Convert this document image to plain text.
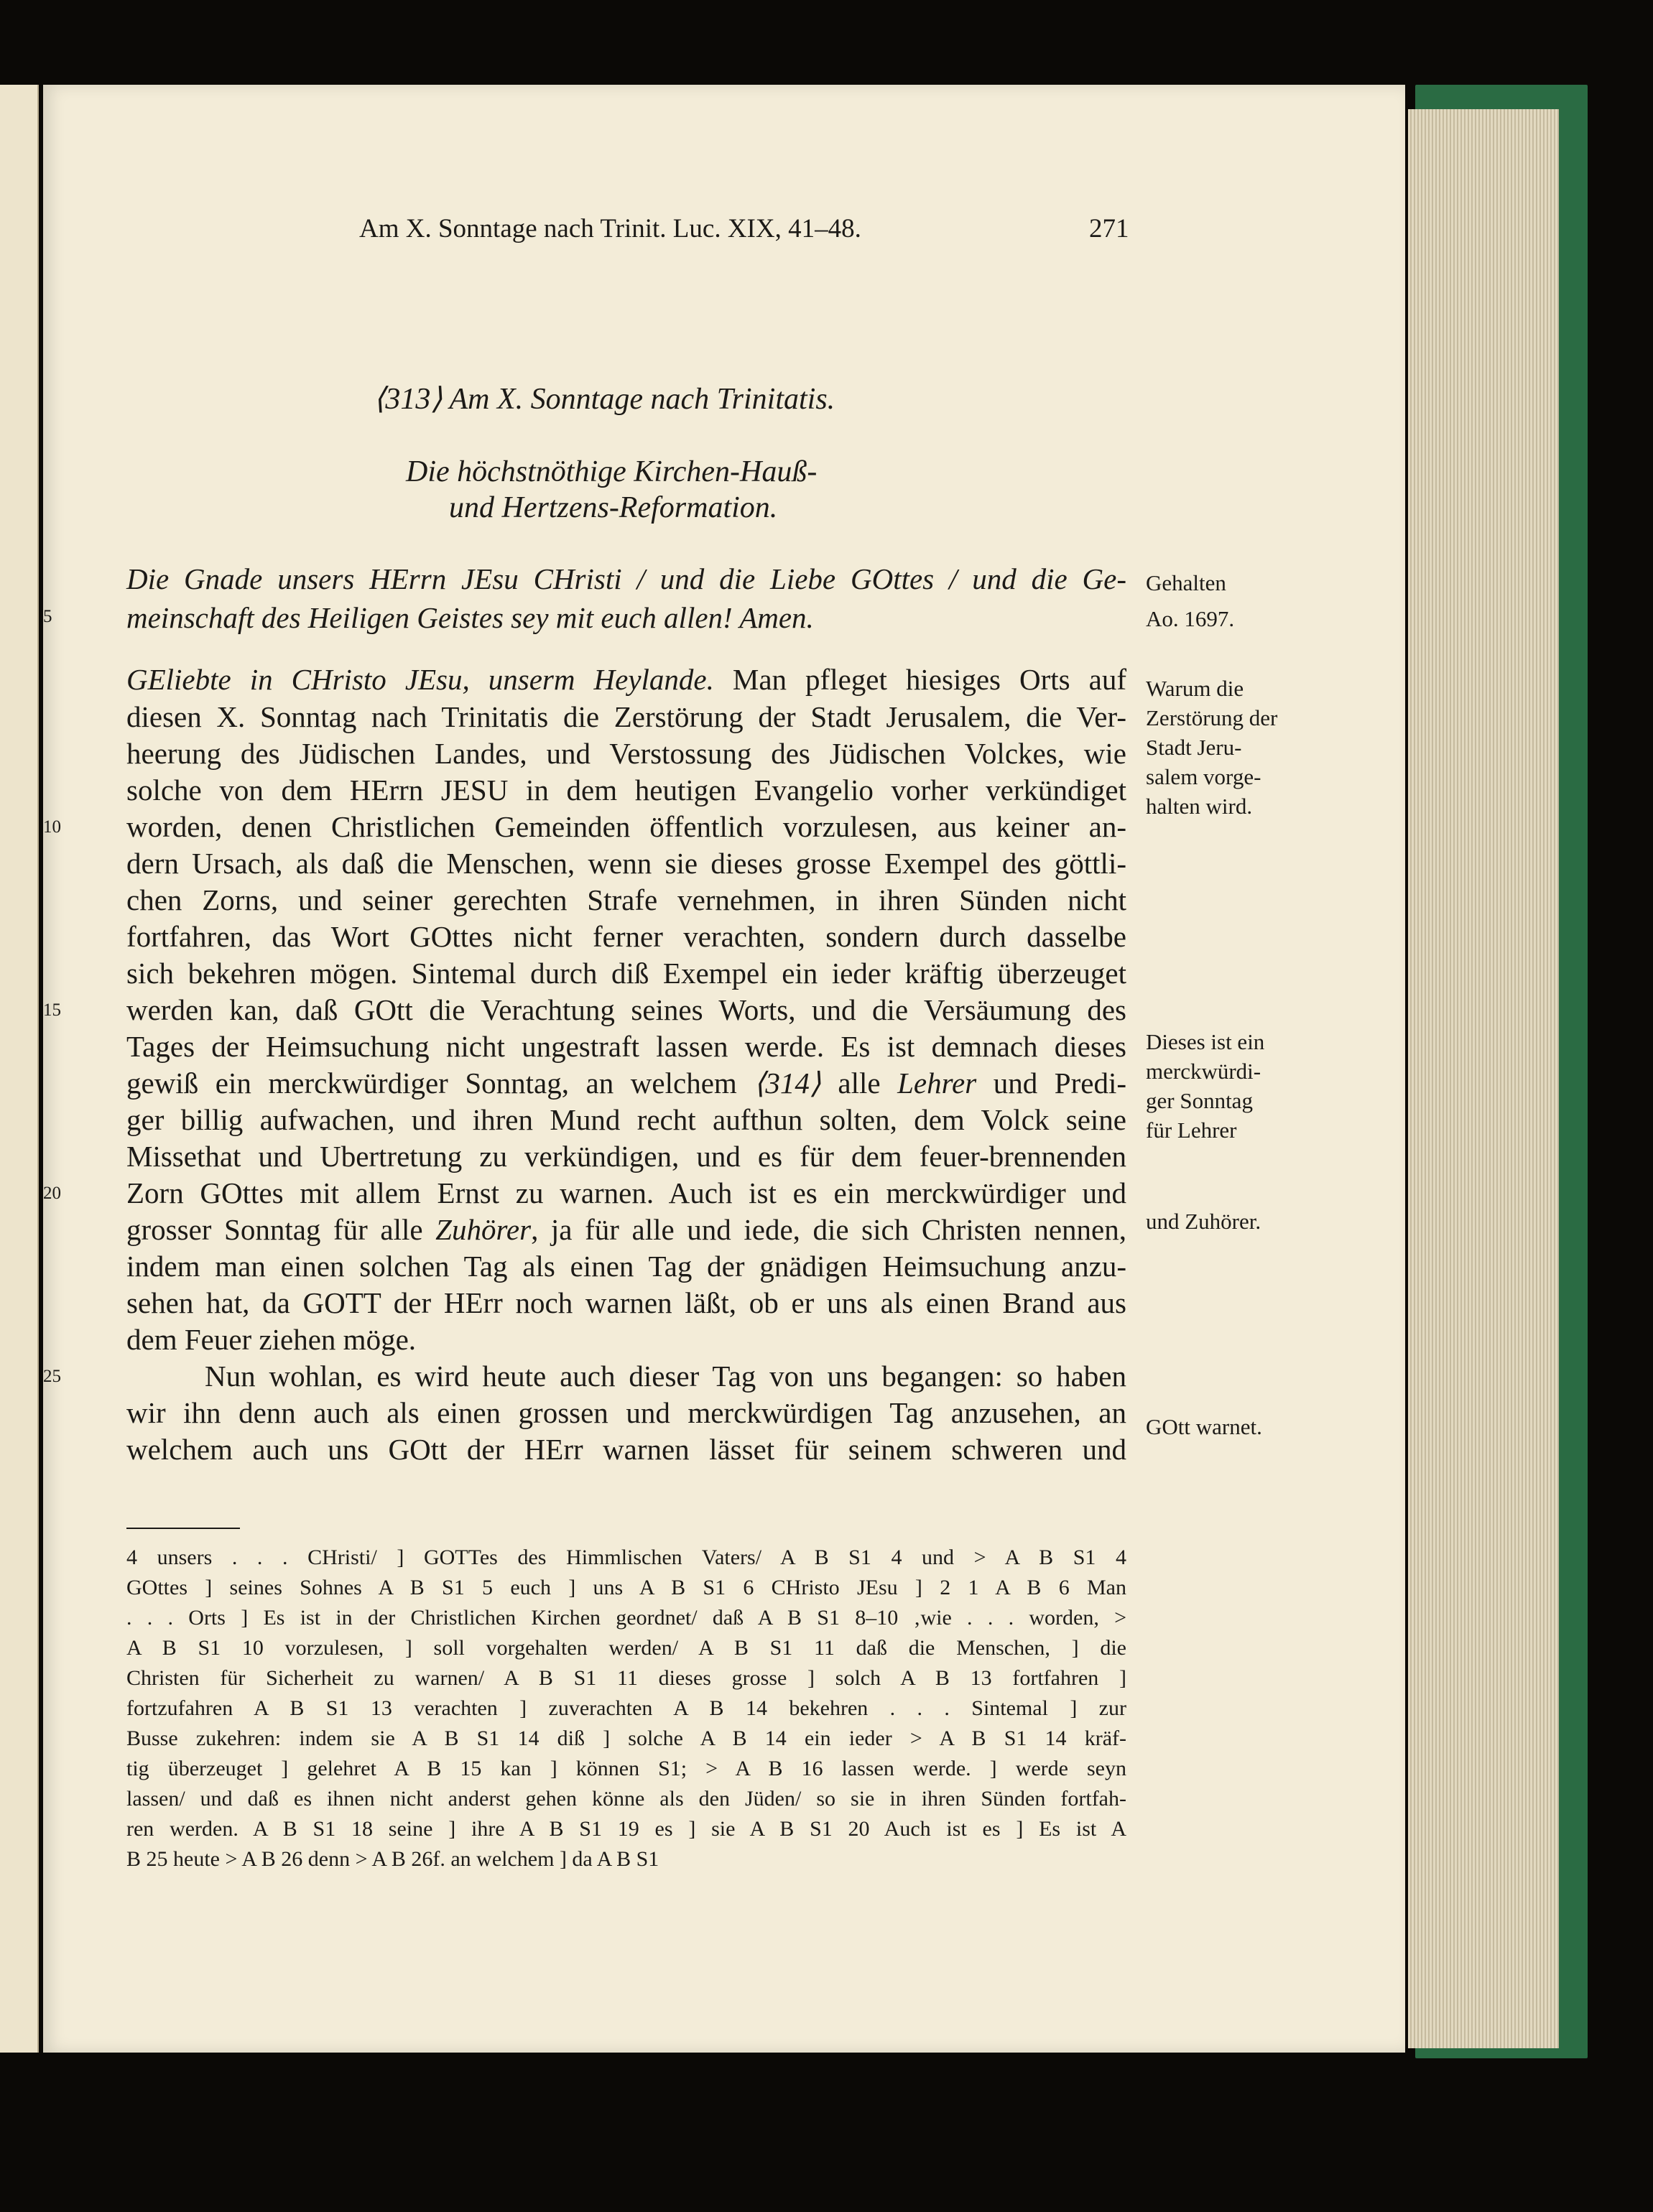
Am X. Sonntage nach Trinit. Luc. XIX, 41–48.	271
⟨313⟩ Am X. Sonntage nach Trinitatis.
Die höchstnöthige Kirchen-Hauß-
und Hertzens-Reformation.
Die Gnade unsers HErrn JEsu CHristi / und die Liebe GOttes / und die Ge-
meinschaft des Heiligen Geistes sey mit euch allen! Amen.
GEliebte in CHristo JEsu, unserm Heylande. Man pfleget hiesiges Orts auf
diesen X. Sonntag nach Trinitatis die Zerstörung der Stadt Jerusalem, die Ver-
heerung des Jüdischen Landes, und Verstossung des Jüdischen Volckes, wie
solche von dem HErrn JESU in dem heutigen Evangelio vorher verkündiget
worden, denen Christlichen Gemeinden öffentlich vorzulesen, aus keiner an-
dern Ursach, als daß die Menschen, wenn sie dieses grosse Exempel des göttli-
chen Zorns, und seiner gerechten Strafe vernehmen, in ihren Sünden nicht
fortfahren, das Wort GOttes nicht ferner verachten, sondern durch dasselbe
sich bekehren mögen. Sintemal durch diß Exempel ein ieder kräftig überzeuget
werden kan, daß GOtt die Verachtung seines Worts, und die Versäumung des
Tages der Heimsuchung nicht ungestraft lassen werde. Es ist demnach dieses
gewiß ein merckwürdiger Sonntag, an welchem ⟨314⟩ alle Lehrer und Predi-
ger billig aufwachen, und ihren Mund recht aufthun solten, dem Volck seine
Missethat und Ubertretung zu verkündigen, und es für dem feuer-brennenden
Zorn GOttes mit allem Ernst zu warnen. Auch ist es ein merckwürdiger und
grosser Sonntag für alle Zuhörer, ja für alle und iede, die sich Christen nennen,
indem man einen solchen Tag als einen Tag der gnädigen Heimsuchung anzu-
sehen hat, da GOTT der HErr noch warnen läßt, ob er uns als einen Brand aus
dem Feuer ziehen möge.
Nun wohlan, es wird heute auch dieser Tag von uns begangen: so haben
wir ihn denn auch als einen grossen und merckwürdigen Tag anzusehen, an
welchem auch uns GOtt der HErr warnen lässet für seinem schweren und
5
10
15
20
25
Gehalten
Ao. 1697.
Warum die
Zerstörung der
Stadt Jeru-
salem vorge-
halten wird.
Dieses ist ein
merckwürdi-
ger Sonntag
für Lehrer
und Zuhörer.
GOtt warnet.
4 unsers . . . CHristi/ ] GOTTes des Himmlischen Vaters/ A B S1 4 und > A B S1 4
GOttes ] seines Sohnes A B S1 5 euch ] uns A B S1 6 CHristo JEsu ] 2 1 A B 6 Man
. . . Orts ] Es ist in der Christlichen Kirchen geordnet/ daß A B S1 8–10 ‚wie . . . worden, >
A B S1 10 vorzulesen, ] soll vorgehalten werden/ A B S1 11 daß die Menschen, ] die
Christen für Sicherheit zu warnen/ A B S1 11 dieses grosse ] solch A B 13 fortfahren ]
fortzufahren A B S1 13 verachten ] zuverachten A B 14 bekehren . . . Sintemal ] zur
Busse zukehren: indem sie A B S1 14 diß ] solche A B 14 ein ieder > A B S1 14 kräf-
tig überzeuget ] gelehret A B 15 kan ] können S1; > A B 16 lassen werde. ] werde seyn
lassen/ und daß es ihnen nicht anderst gehen könne als den Jüden/ so sie in ihren Sünden fortfah-
ren werden. A B S1 18 seine ] ihre A B S1 19 es ] sie A B S1 20 Auch ist es ] Es ist A
B 25 heute > A B 26 denn > A B 26f. an welchem ] da A B S1
